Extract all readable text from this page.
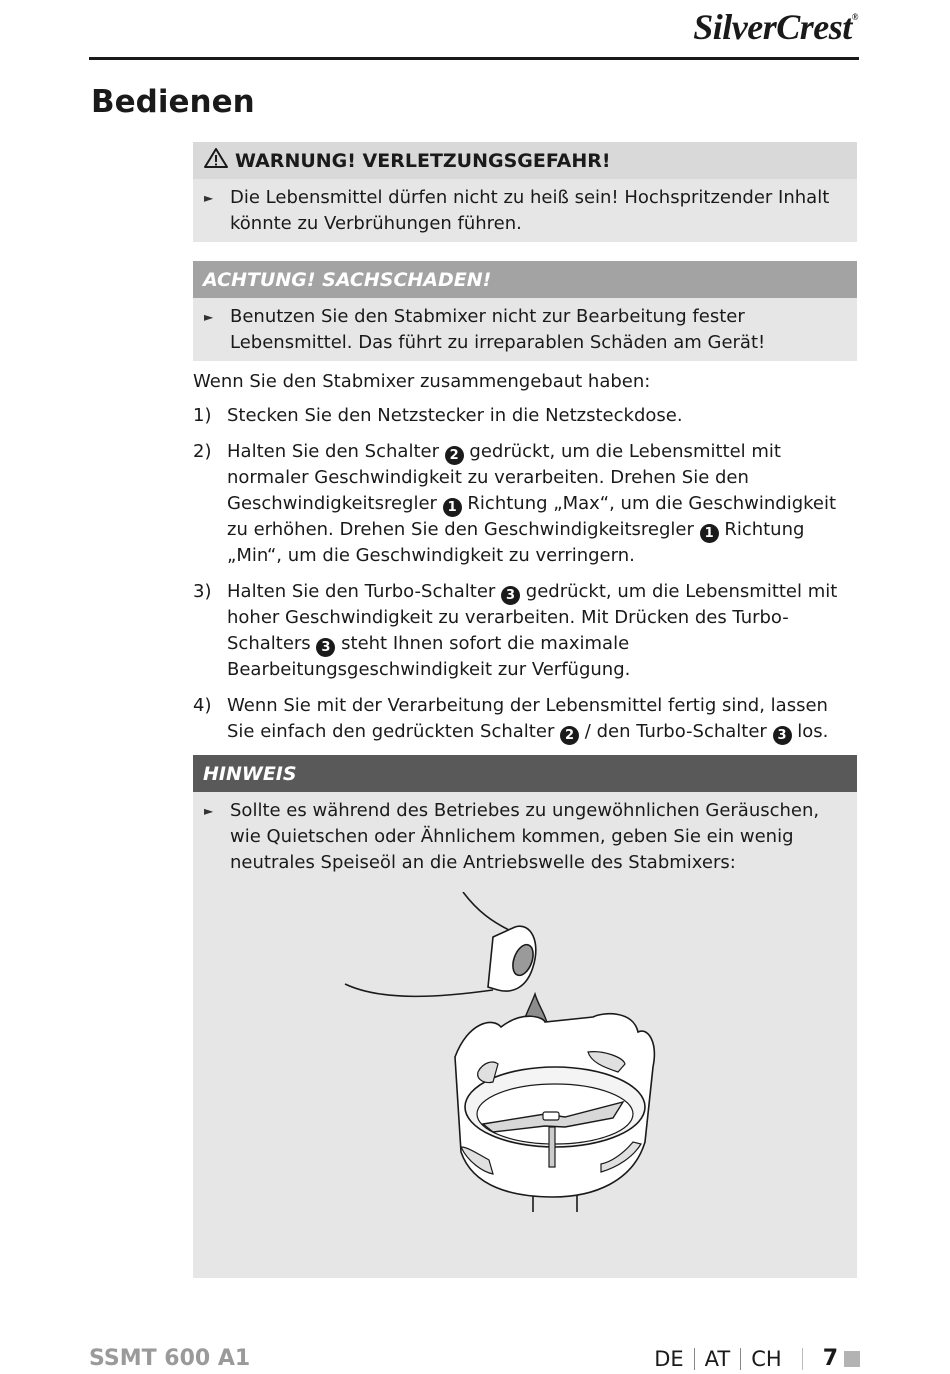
SilverCrest®
Bedienen
WARNUNG! VERLETZUNGSGEFAHR!
► Die Lebensmittel dürfen nicht zu heiß sein! Hochspritzender Inhalt könnte zu Verbrühungen führen.
ACHTUNG! SACHSCHADEN!
► Benutzen Sie den Stabmixer nicht zur Bearbeitung fester Lebensmittel. Das führt zu irreparablen Schäden am Gerät!

Wenn Sie den Stabmixer zusammengebaut haben:

1) Stecken Sie den Netzstecker in die Netzsteckdose.
2) Halten Sie den Schalter 2 gedrückt, um die Lebensmittel mit normaler Geschwindigkeit zu verarbeiten. Drehen Sie den Geschwindigkeitsregler 1 Richtung „Max“, um die Geschwindigkeit zu erhöhen. Drehen Sie den Geschwindigkeitsregler 1 Richtung „Min“, um die Geschwindigkeit zu verringern.
3) Halten Sie den Turbo-Schalter 3 gedrückt, um die Lebensmittel mit hoher Geschwindigkeit zu verarbeiten. Mit Drücken des Turbo-Schalters 3 steht Ihnen sofort die maximale Bearbeitungsgeschwindigkeit zur Verfügung.
4) Wenn Sie mit der Verarbeitung der Lebensmittel fertig sind, lassen Sie einfach den gedrückten Schalter 2 / den Turbo-Schalter 3 los.
HINWEIS
► Sollte es während des Betriebes zu ungewöhnlichen Geräuschen, wie Quietschen oder Ähnlichem kommen, geben Sie ein wenig neutrales Speiseöl an die Antriebswelle des Stabmixers:
SSMT 600 A1	DE AT CH 7
